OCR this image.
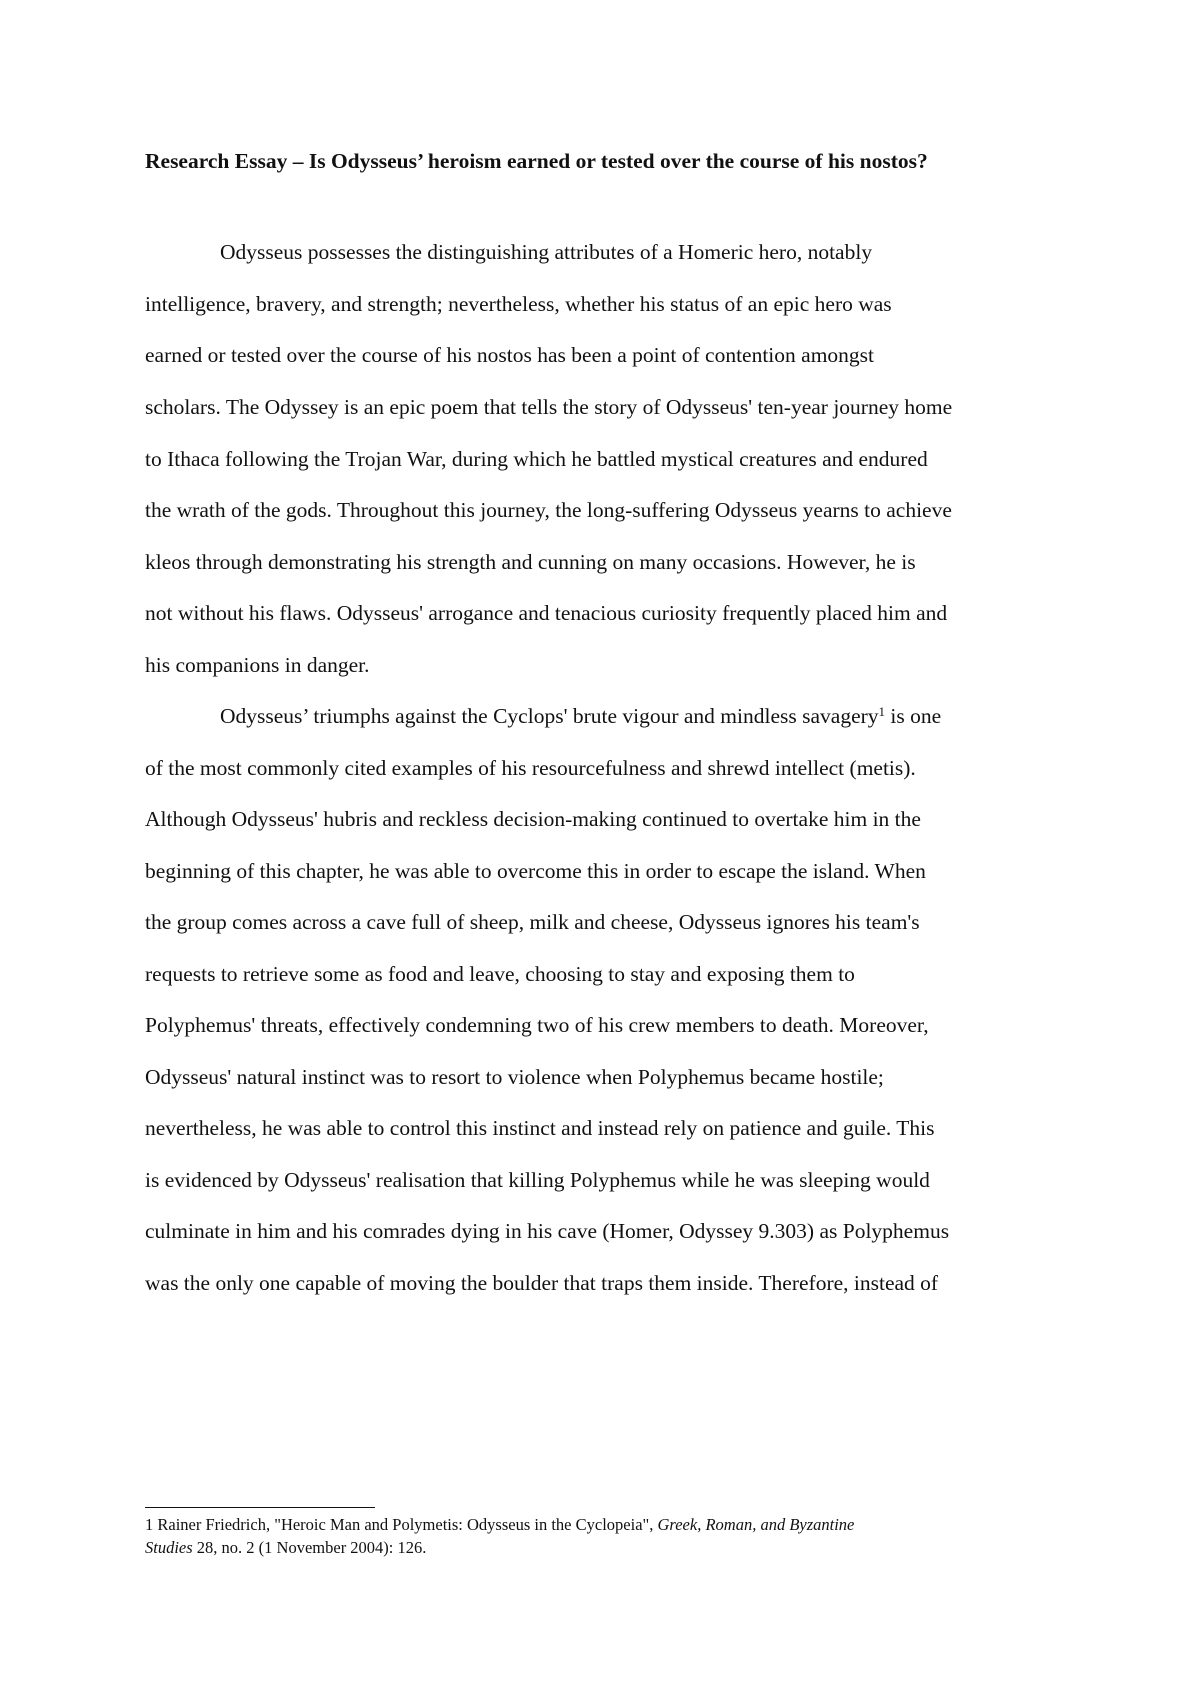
Research Essay – Is Odysseus’ heroism earned or tested over the course of his nostos?
Odysseus possesses the distinguishing attributes of a Homeric hero, notably
intelligence, bravery, and strength; nevertheless, whether his status of an epic hero was
earned or tested over the course of his nostos has been a point of contention amongst
scholars. The Odyssey is an epic poem that tells the story of Odysseus' ten-year journey home
to Ithaca following the Trojan War, during which he battled mystical creatures and endured
the wrath of the gods. Throughout this journey, the long-suffering Odysseus yearns to achieve
kleos through demonstrating his strength and cunning on many occasions. However, he is
not without his flaws. Odysseus' arrogance and tenacious curiosity frequently placed him and
his companions in danger.
Odysseus’ triumphs against the Cyclops' brute vigour and mindless savagery$^1$ is one
of the most commonly cited examples of his resourcefulness and shrewd intellect (metis).
Although Odysseus' hubris and reckless decision-making continued to overtake him in the
beginning of this chapter, he was able to overcome this in order to escape the island. When
the group comes across a cave full of sheep, milk and cheese, Odysseus ignores his team's
requests to retrieve some as food and leave, choosing to stay and exposing them to
Polyphemus' threats, effectively condemning two of his crew members to death. Moreover,
Odysseus' natural instinct was to resort to violence when Polyphemus became hostile;
nevertheless, he was able to control this instinct and instead rely on patience and guile. This
is evidenced by Odysseus' realisation that killing Polyphemus while he was sleeping would
culminate in him and his comrades dying in his cave (Homer, Odyssey 9.303) as Polyphemus
was the only one capable of moving the boulder that traps them inside. Therefore, instead of
1 Rainer Friedrich, "Heroic Man and Polymetis: Odysseus in the Cyclopeia", Greek, Roman, and Byzantine
Studies 28, no. 2 (1 November 2004): 126.
